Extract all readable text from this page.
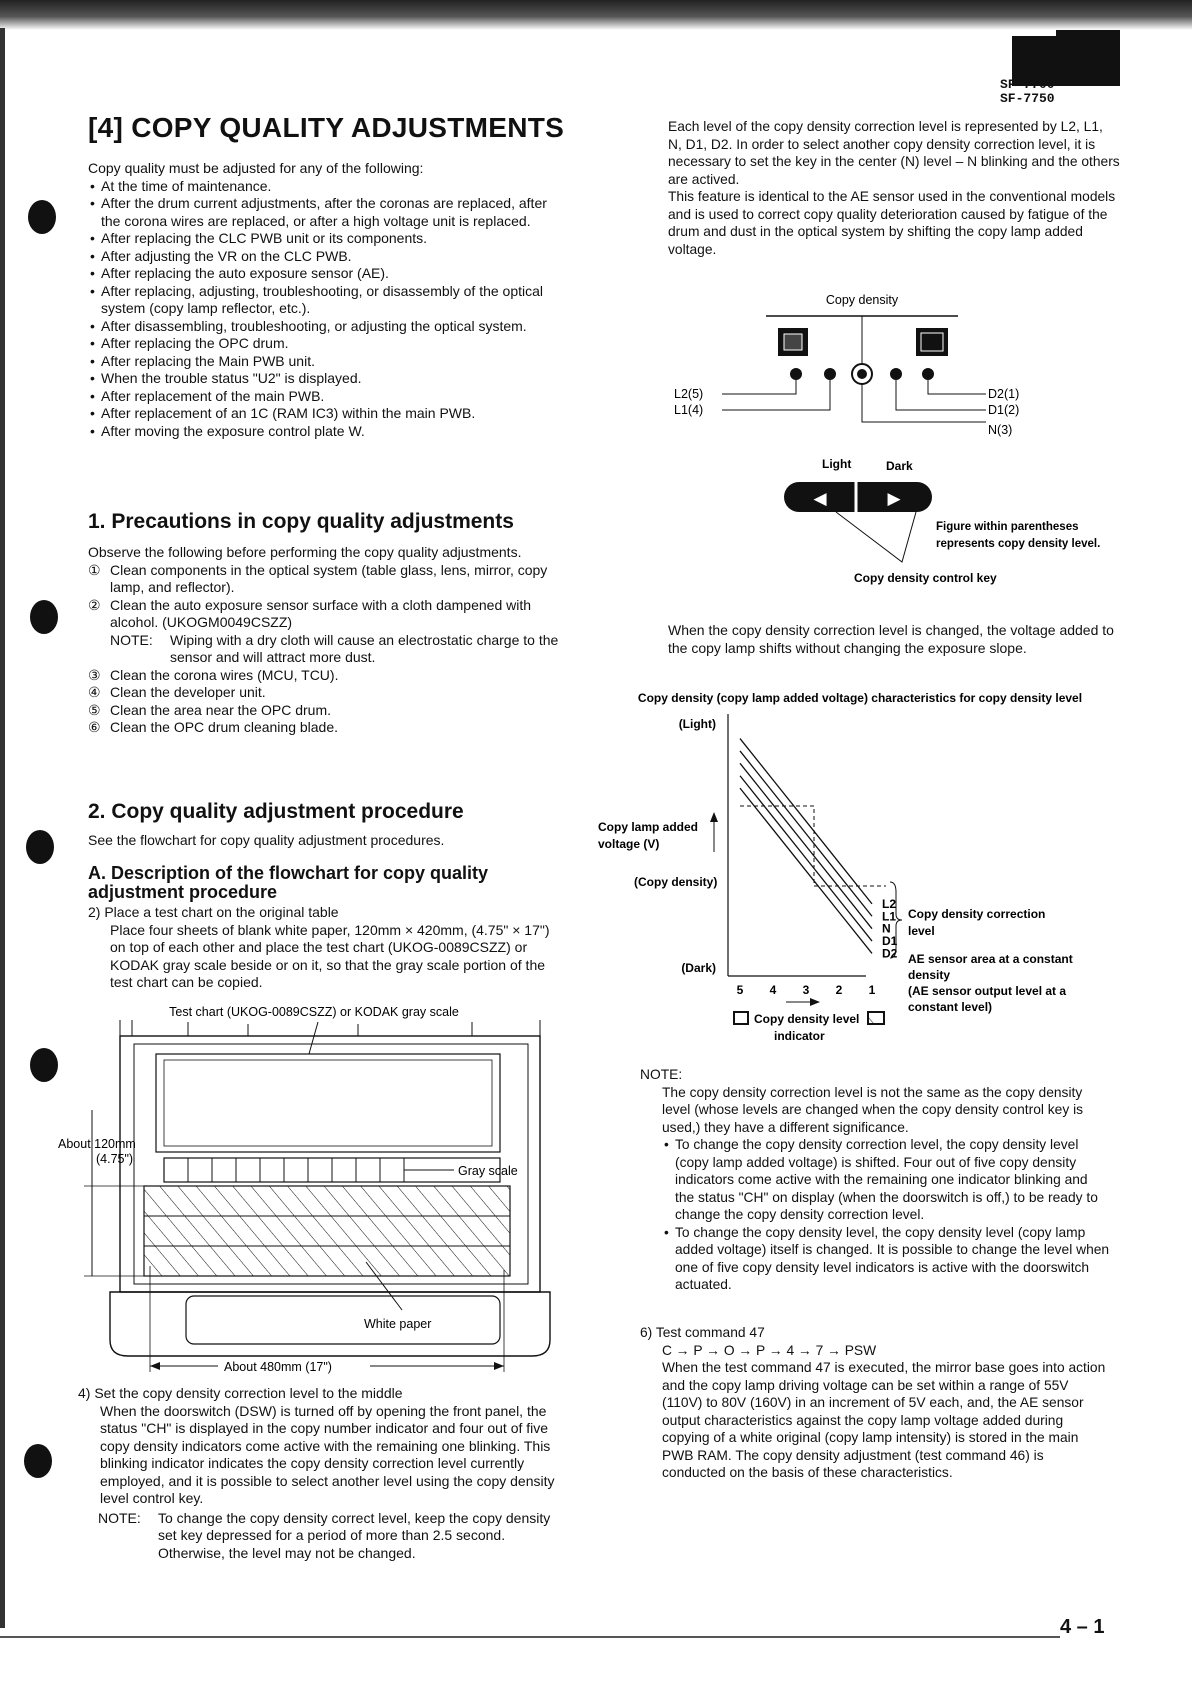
SF-7700
SF-7750
[4] COPY QUALITY ADJUSTMENTS
Copy quality must be adjusted for any of the following:
• At the time of maintenance.
• After the drum current adjustments, after the coronas are replaced, after the corona wires are replaced, or after a high voltage unit is replaced.
• After replacing the CLC PWB unit or its components.
• After adjusting the VR on the CLC PWB.
• After replacing the auto exposure sensor (AE).
• After replacing, adjusting, troubleshooting, or disassembly of the optical system (copy lamp reflector, etc.).
• After disassembling, troubleshooting, or adjusting the optical system.
• After replacing the OPC drum.
• After replacing the Main PWB unit.
• When the trouble status "U2" is displayed.
• After replacement of the main PWB.
• After replacement of an 1C (RAM IC3) within the main PWB.
• After moving the exposure control plate W.
1. Precautions in copy quality adjustments
Observe the following before performing the copy quality adjustments.
① Clean components in the optical system (table glass, lens, mirror, copy lamp, and reflector).
② Clean the auto exposure sensor surface with a cloth dampened with alcohol. (UKOGM0049CSZZ)
NOTE:	Wiping with a dry cloth will cause an electrostatic charge to the sensor and will attract more dust.
③ Clean the corona wires (MCU, TCU).
④ Clean the developer unit.
⑤ Clean the area near the OPC drum.
⑥ Clean the OPC drum cleaning blade.
2. Copy quality adjustment procedure
See the flowchart for copy quality adjustment procedures.
A. Description of the flowchart for copy quality adjustment procedure
2) Place a test chart on the original table
Place four sheets of blank white paper, 120mm × 420mm, (4.75" × 17") on top of each other and place the test chart (UKOG-0089CSZZ) or KODAK gray scale beside or on it, so that the gray scale portion of the test chart can be copied.
Test chart (UKOG-0089CSZZ) or KODAK gray scale
Gray scale
About 120mm
(4.75")
White paper
About 480mm (17")
4) Set the copy density correction level to the middle
When the doorswitch (DSW) is turned off by opening the front panel, the status "CH" is displayed in the copy number indicator and four out of five copy density indicators come active with the remaining one blinking. This blinking indicator indicates the copy density correction level currently employed, and it is possible to select another level using the copy density level control key.
NOTE:	To change the copy density correct level, keep the copy density set key depressed for a period of more than 2.5 second. Otherwise, the level may not be changed.
Each level of the copy density correction level is represented by L2, L1, N, D1, D2. In order to select another copy density correction level, it is necessary to set the key in the center (N) level – N blinking and the others are actived.
This feature is identical to the AE sensor used in the conventional models and is used to correct copy quality deterioration caused by fatigue of the drum and dust in the optical system by shifting the copy lamp added voltage.
Copy density
L2(5)
L1(4)
D2(1)
D1(2)
N(3)
Light	Dark
◀	▶
Figure within parentheses
represents copy density level.
Copy density control key
When the copy density correction level is changed, the voltage added to the copy lamp shifts without changing the exposure slope.
Copy density (copy lamp added voltage) characteristics for copy density level
(Light)
Copy lamp added
voltage (V)
(Copy density)
(Dark)
L2
L1
N
D1
D2
5 4 3 2 1
Copy density correction
level
AE sensor area at a constant
density
(AE sensor output level at a
constant level)
Copy density level
indicator
NOTE:
The copy density correction level is not the same as the copy density level (whose levels are changed when the copy density control key is used,) they have a different significance.
• To change the copy density correction level, the copy density level (copy lamp added voltage) is shifted. Four out of five copy density indicators come active with the remaining one indicator blinking and the status "CH" on display (when the doorswitch is off,) to be ready to change the copy density correction level.
• To change the copy density level, the copy density level (copy lamp added voltage) itself is changed. It is possible to change the level when one of five copy density level indicators is active with the doorswitch actuated.
6) Test command 47
C → P → O → P → 4 → 7 → PSW
When the test command 47 is executed, the mirror base goes into action and the copy lamp driving voltage can be set within a range of 55V (110V) to 80V (160V) in an increment of 5V each, and, the AE sensor output characteristics against the copy lamp voltage added during copying of a white original (copy lamp intensity) is stored in the main PWB RAM. The copy density adjustment (test command 46) is conducted on the basis of these characteristics.
4 – 1
